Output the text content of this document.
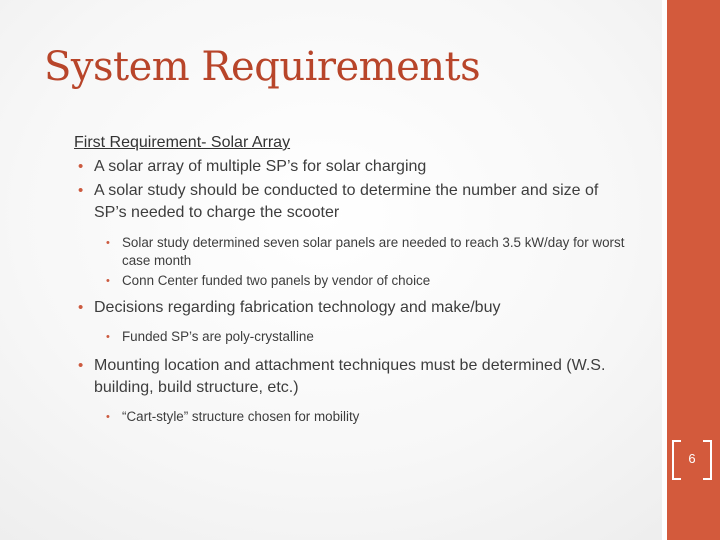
System Requirements

First Requirement- Solar Array

• A solar array of multiple SP’s for solar charging

• A solar study should be conducted to determine the number and size of SP’s needed to charge the scooter

• Solar study determined seven solar panels are needed to reach 3.5 kW/day for worst case month

• Conn Center funded two panels by vendor of choice

• Decisions regarding fabrication technology and make/buy

• Funded SP’s are poly-crystalline

• Mounting location and attachment techniques must be determined (W.S. building, build structure, etc.)

• “Cart-style” structure chosen for mobility

6
